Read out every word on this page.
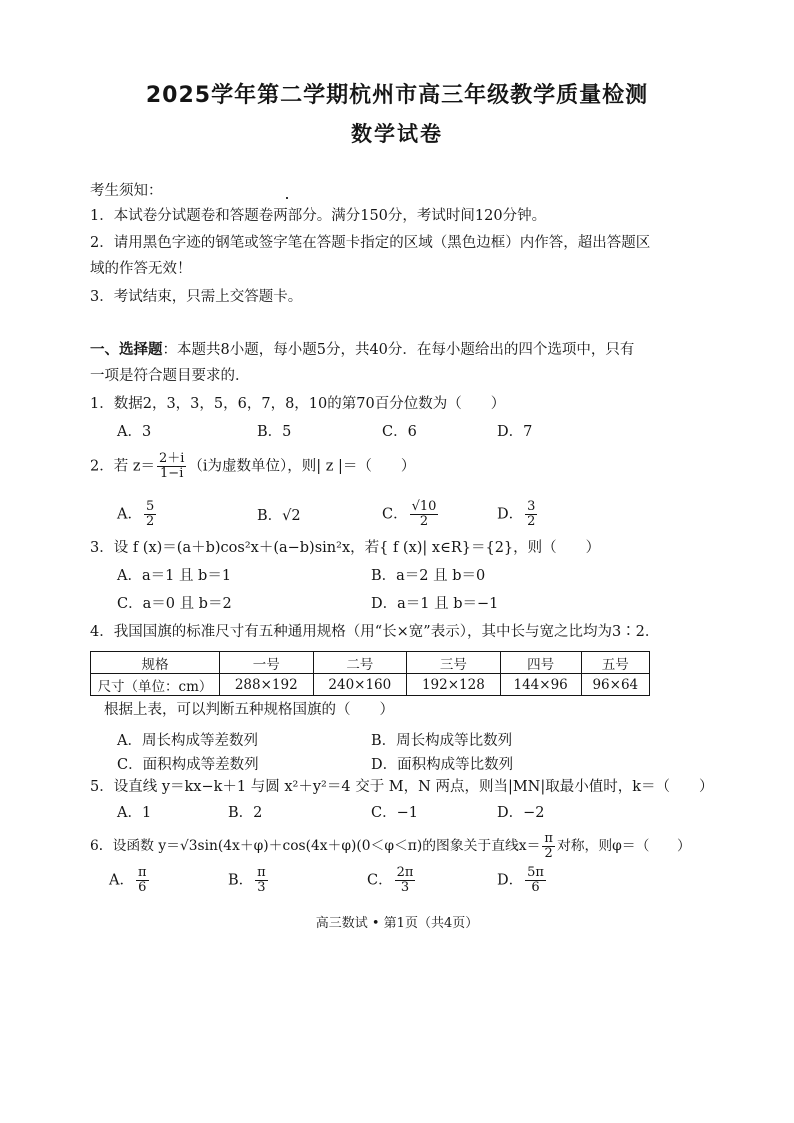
2025学年第二学期杭州市高三年级教学质量检测
数学试卷
考生须知：
1．本试卷分试题卷和答题卷两部分。满分150分，考试时间120分钟。
2．请用黑色字迹的钢笔或签字笔在答题卡指定的区域（黑色边框）内作答，超出答题区
域的作答无效！
3．考试结束，只需上交答题卡。
一、选择题：本题共8小题，每小题5分，共40分．在每小题给出的四个选项中，只有
一项是符合题目要求的．
1．数据2，3，3，5，6，7，8，10的第70百分位数为（　　）
A．3	B．5	C．6	D．7
2．若 $z= \frac{2+i}{1-i} (i$为虚数单位），则| z |＝（　　）
A． $\frac{5}{2}$	B．√2	C． $\frac{√10}{2}$	D． $\frac{3}{2}$
3．设 f (x)＝(a＋b)cos²x＋(a−b)sin²x，若{ f (x)| x∈R}＝{2}，则（　　）
A．a＝1 且 b＝1	B．a＝2 且 b＝0
C．a＝0 且 b＝2	D．a＝1 且 b＝−1
4．我国国旗的标准尺寸有五种通用规格（用“长×宽”表示），其中长与宽之比均为3∶2．
规格	一号	二号	三号	四号	五号
尺寸（单位：cm）	288×192	240×160	192×128	144×96	96×64
根据上表，可以判断五种规格国旗的（　　）
A．周长构成等差数列	B．周长构成等比数列
C．面积构成等差数列	D．面积构成等比数列
5．设直线 y＝kx−k＋1 与圆 x²＋y²＝4 交于 M，N 两点，则当|MN|取最小值时，k＝（　　）
A．1	B．2	C．−1	D．−2
6．设函数 y＝√3sin(4x＋φ)＋cos(4x＋φ)(0＜φ＜π)的图象关于直线$x= \frac{\pi}{2}$ 对称，则φ＝（　　）
A． $\frac{\pi}{6}$	B． $\frac{\pi}{3}$	C． $\frac{2\pi}{3}$	D． $\frac{5\pi}{6}$
高三数试 • 第1页（共4页）
